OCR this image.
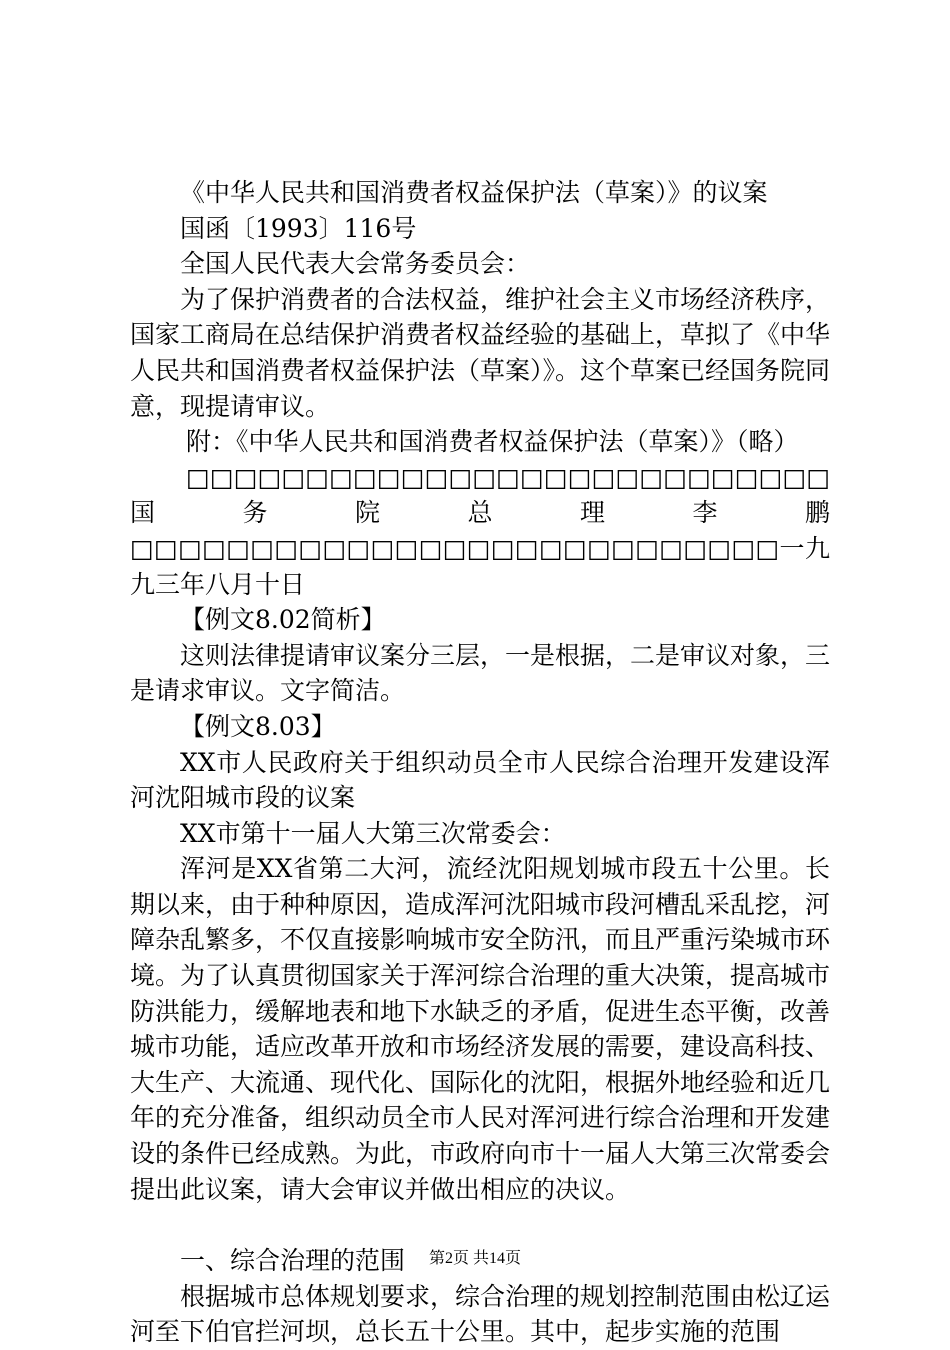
《中华人民共和国消费者权益保护法（草案）》的议案

国函〔1993〕116号

全国人民代表大会常务委员会：

为了保护消费者的合法权益，维护社会主义市场经济秩序，国家工商局在总结保护消费者权益经验的基础上，草拟了《中华人民共和国消费者权益保护法（草案）》。这个草案已经国务院同意，现提请审议。

附：《中华人民共和国消费者权益保护法（草案）》（略）

□□□□□□□□□□□□□□□□□□□□□□□□□□□国务院总理李鹏□□□□□□□□□□□□□□□□□□□□□□□□□□□一九九三年八月十日

【例文8.02简析】

这则法律提请审议案分三层，一是根据，二是审议对象，三是请求审议。文字简洁。

【例文8.03】

XX市人民政府关于组织动员全市人民综合治理开发建设浑河沈阳城市段的议案

XX市第十一届人大第三次常委会：

浑河是XX省第二大河，流经沈阳规划城市段五十公里。长期以来，由于种种原因，造成浑河沈阳城市段河槽乱采乱挖，河障杂乱繁多，不仅直接影响城市安全防汛，而且严重污染城市环境。为了认真贯彻国家关于浑河综合治理的重大决策，提高城市防洪能力，缓解地表和地下水缺乏的矛盾，促进生态平衡，改善城市功能，适应改革开放和市场经济发展的需要，建设高科技、大生产、大流通、现代化、国际化的沈阳，根据外地经验和近几年的充分准备，组织动员全市人民对浑河进行综合治理和开发建设的条件已经成熟。为此，市政府向市十一届人大第三次常委会提出此议案，请大会审议并做出相应的决议。

一、综合治理的范围

根据城市总体规划要求，综合治理的规划控制范围由松辽运河至下伯官拦河坝，总长五十公里。其中，起步实施的范围

第2页 共14页
